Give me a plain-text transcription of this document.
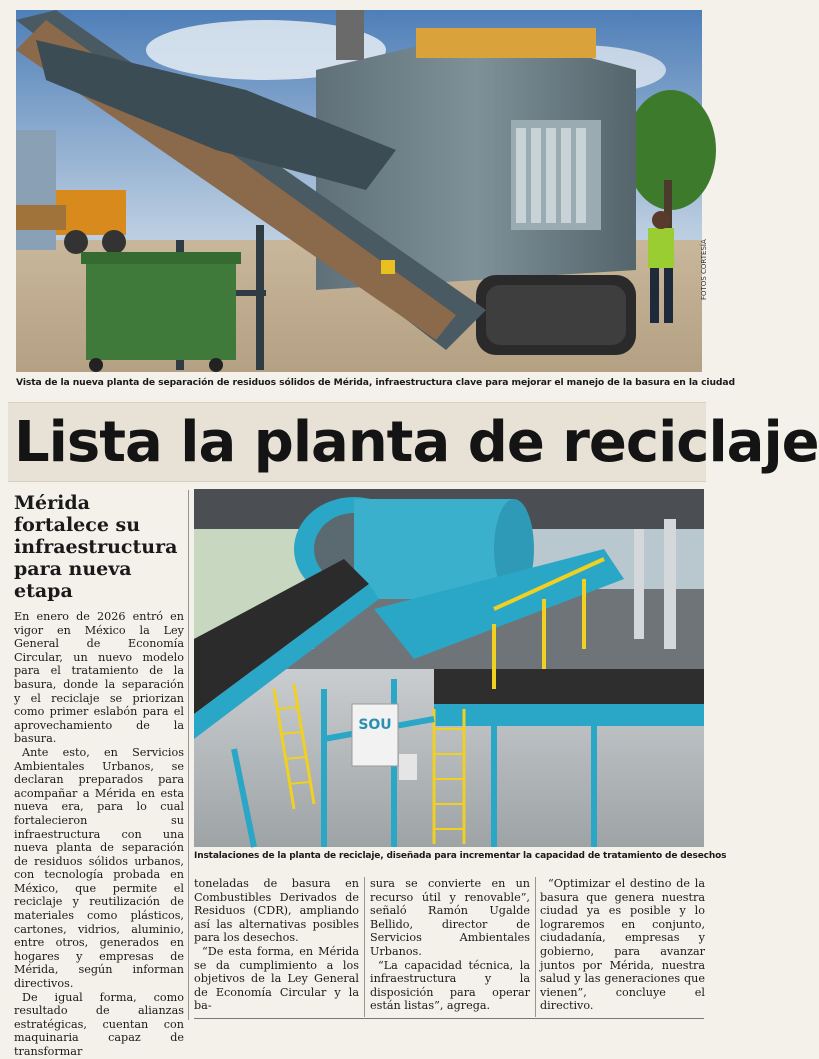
FOTOS CORTESÍA
Vista de la nueva planta de separación de residuos sólidos de Mérida, infraestructura clave para mejorar el manejo de la basura en la ciudad
Lista la planta de reciclaje
Mérida fortalece su infraestructura para nueva etapa

En enero de 2026 entró en vigor en México la Ley General de Economía Circular, un nuevo modelo para el tratamiento de la basura, donde la separación y el reciclaje se priorizan como primer eslabón para el aprovechamiento de la basura.

Ante esto, en Servicios Ambientales Urbanos, se declaran preparados para acompañar a Mérida en esta nueva era, para lo cual fortalecieron su infraestructura con una nueva planta de separación de residuos sólidos urbanos, con tecnología probada en México, que permite el reciclaje y reutilización de materiales como plásticos, cartones, vidrios, aluminio, entre otros, generados en hogares y empresas de Mérida, según informan directivos.

De igual forma, como resultado de alianzas estratégicas, cuentan con maquinaria capaz de transformar

SOU
Instalaciones de la planta de reciclaje, diseñada para incrementar la capacidad de tratamiento de desechos

toneladas de basura en Combustibles Derivados de Residuos (CDR), ampliando así las alternativas posibles para los desechos.

“De esta forma, en Mérida se da cumplimiento a los objetivos de la Ley General de Economía Circular y la ba-

sura se convierte en un recurso útil y renovable”, señaló Ramón Ugalde Bellido, director de Servicios Ambientales Urbanos.

“La capacidad técnica, la infraestructura y la disposición para operar están listas”, agrega.

“Optimizar el destino de la basura que genera nuestra ciudad ya es posible y lo lograremos en conjunto, ciudadanía, empresas y gobierno, para avanzar juntos por Mérida, nuestra salud y las generaciones que vienen”, concluye el directivo.
